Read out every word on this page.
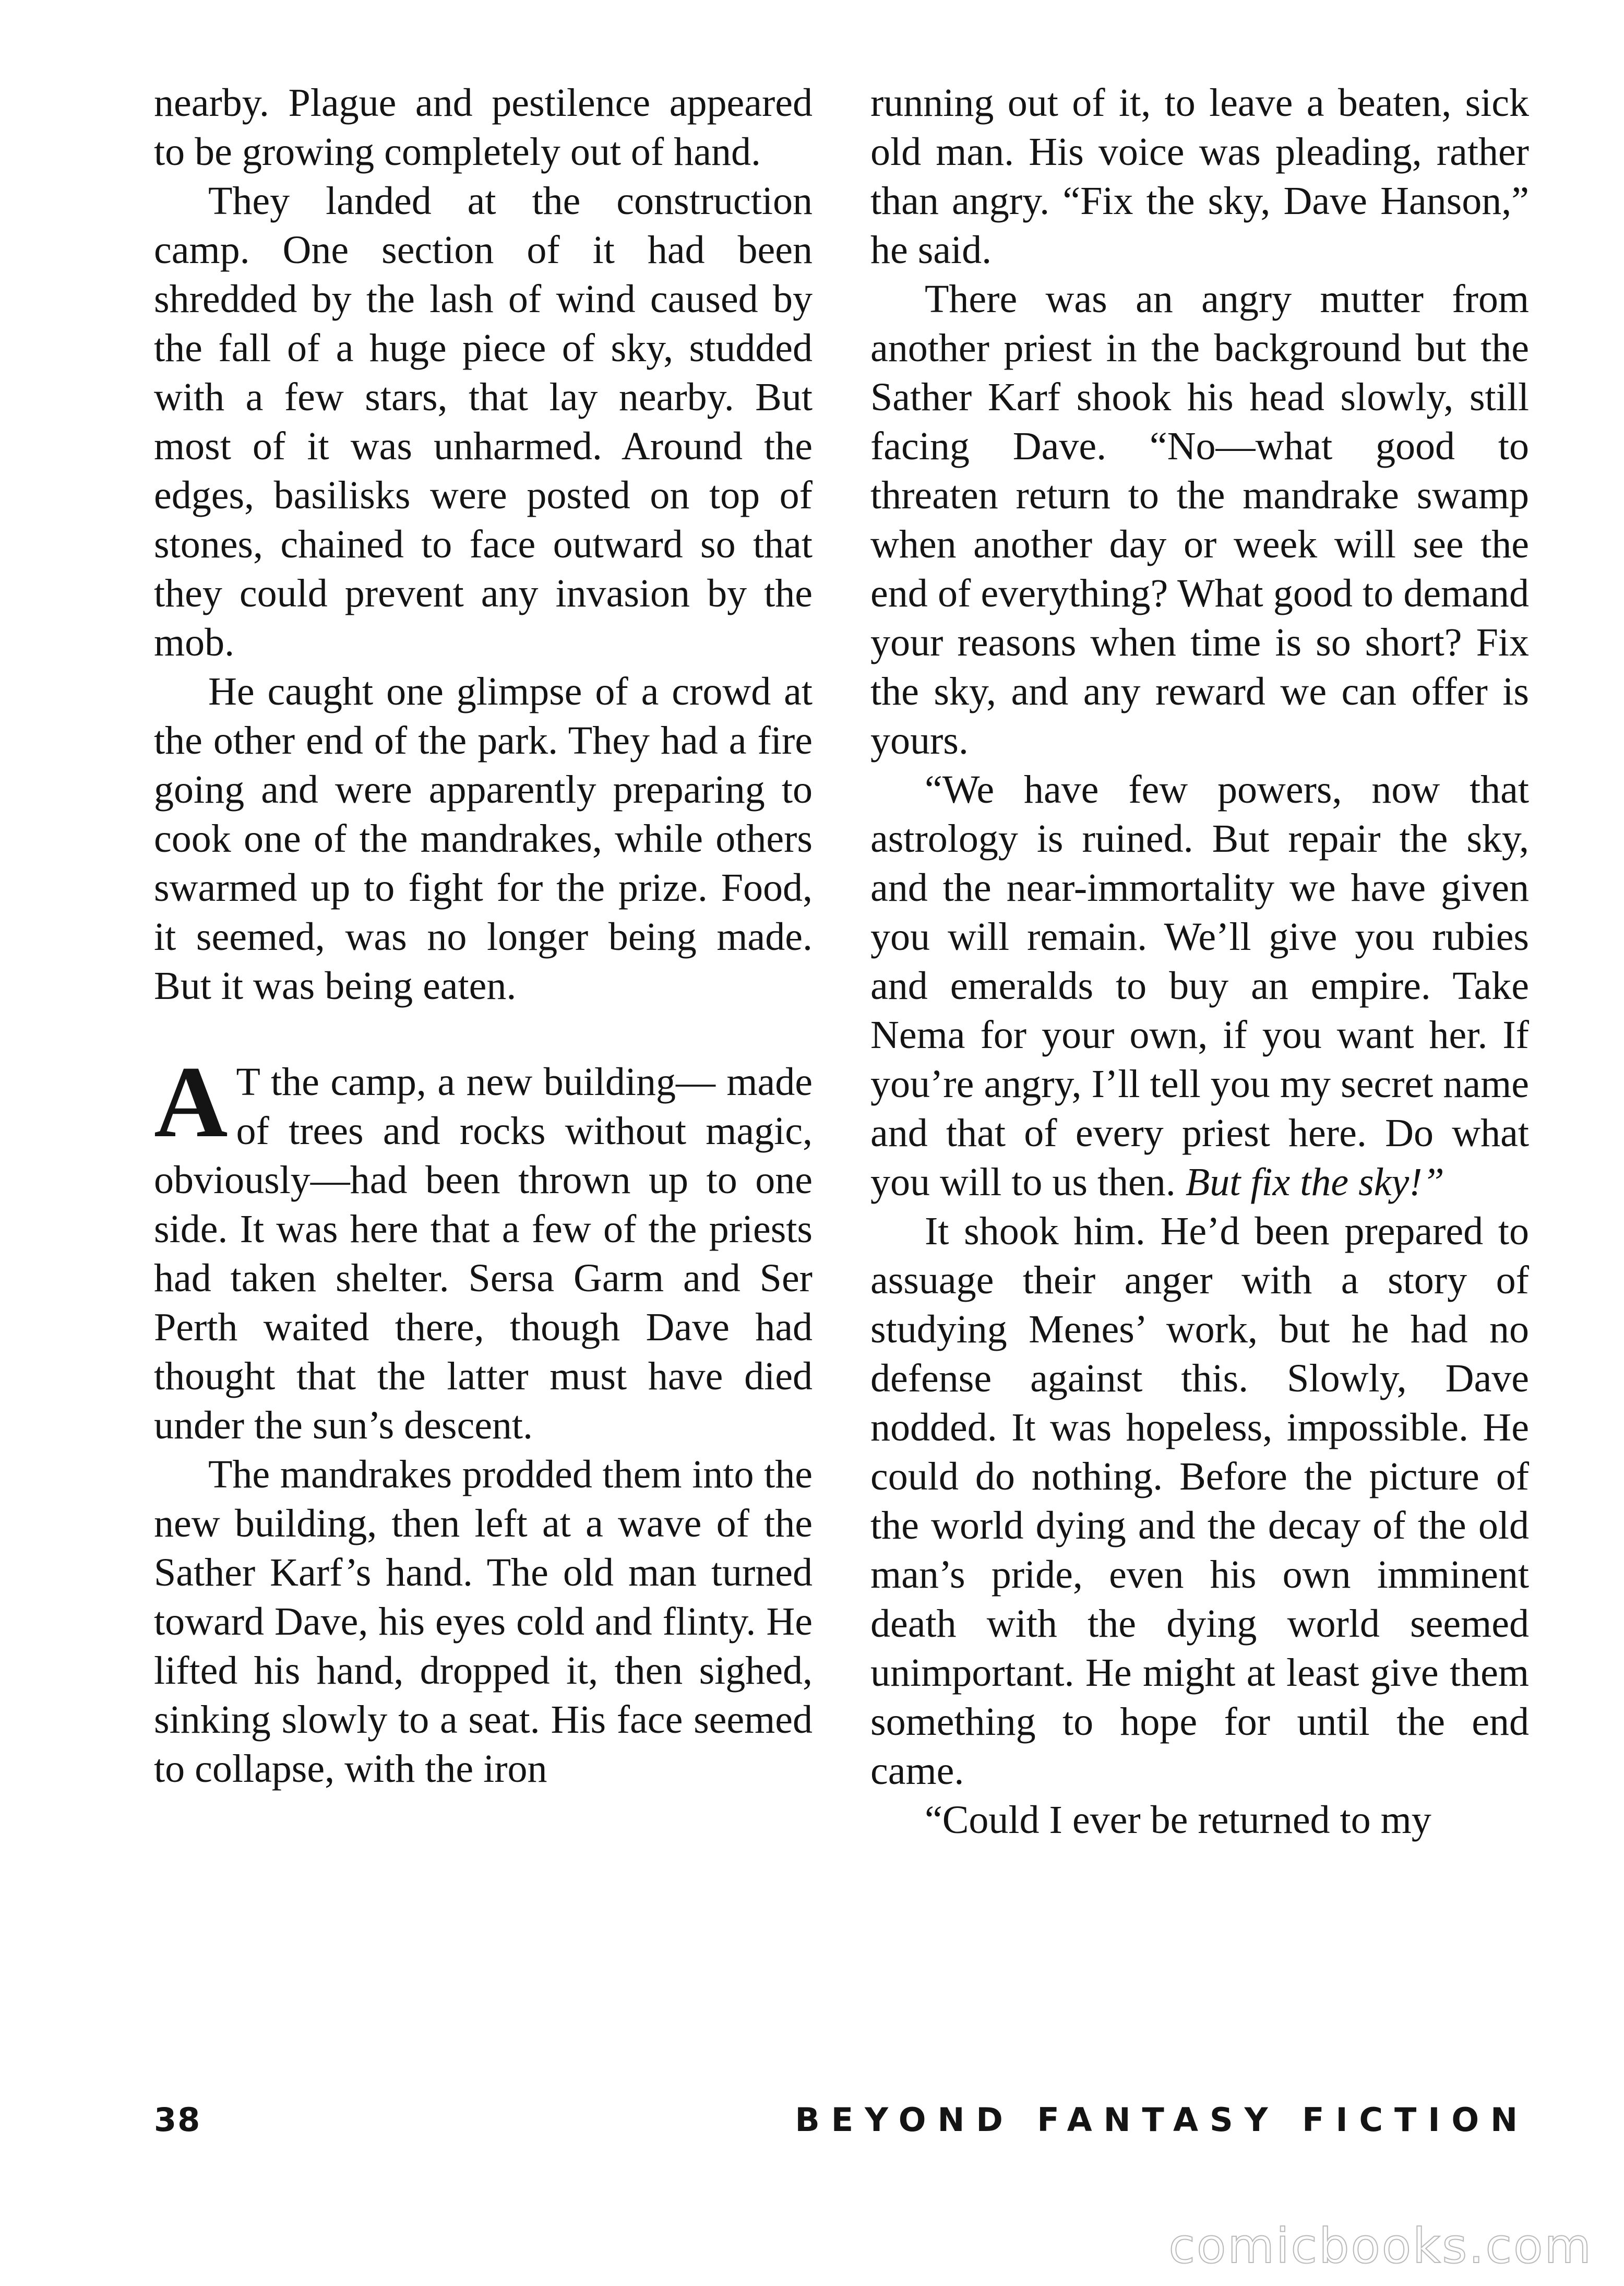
nearby. Plague and pestilence appeared to be growing completely out of hand.

They landed at the construction camp. One section of it had been shredded by the lash of wind caused by the fall of a huge piece of sky, studded with a few stars, that lay nearby. But most of it was unharmed. Around the edges, basilisks were posted on top of stones, chained to face outward so that they could prevent any invasion by the mob.

He caught one glimpse of a crowd at the other end of the park. They had a fire going and were apparently preparing to cook one of the mandrakes, while others swarmed up to fight for the prize. Food, it seemed, was no longer being made. But it was being eaten.

A T the camp, a new building— made of trees and rocks without magic, obviously—had been thrown up to one side. It was here that a few of the priests had taken shelter. Sersa Garm and Ser Perth waited there, though Dave had thought that the latter must have died under the sun’s descent.

The mandrakes prodded them into the new building, then left at a wave of the Sather Karf’s hand. The old man turned toward Dave, his eyes cold and flinty. He lifted his hand, dropped it, then sighed, sinking slowly to a seat. His face seemed to collapse, with the iron

running out of it, to leave a beaten, sick old man. His voice was pleading, rather than angry. “Fix the sky, Dave Hanson,” he said.

There was an angry mutter from another priest in the background but the Sather Karf shook his head slowly, still facing Dave. “No—what good to threaten return to the mandrake swamp when another day or week will see the end of everything? What good to demand your reasons when time is so short? Fix the sky, and any reward we can offer is yours.

“We have few powers, now that astrology is ruined. But repair the sky, and the near-immortality we have given you will remain. We’ll give you rubies and emeralds to buy an empire. Take Nema for your own, if you want her. If you’re angry, I’ll tell you my secret name and that of every priest here. Do what you will to us then. But fix the sky!”

It shook him. He’d been prepared to assuage their anger with a story of studying Menes’ work, but he had no defense against this. Slowly, Dave nodded. It was hopeless, impossible. He could do nothing. Before the picture of the world dying and the decay of the old man’s pride, even his own imminent death with the dying world seemed unimportant. He might at least give them something to hope for until the end came.

“Could I ever be returned to my

38	BEYOND FANTASY FICTION
comicbooks.com
